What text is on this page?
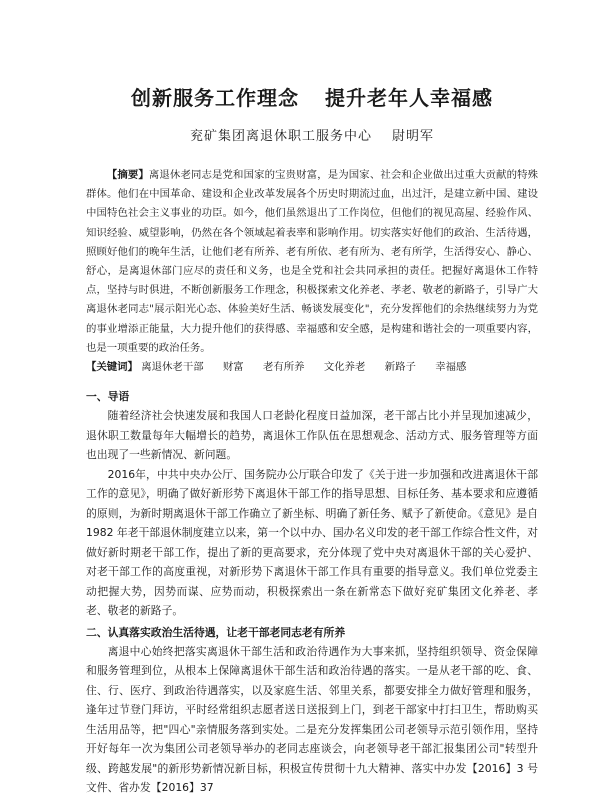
创新服务工作理念 提升老年人幸福感
兖矿集团离退休职工服务中心 尉明军
【摘要】离退休老同志是党和国家的宝贵财富，是为国家、社会和企业做出过重大贡献的特殊群体。他们在中国革命、建设和企业改革发展各个历史时期流过血，出过汗，是建立新中国、建设中国特色社会主义事业的功臣。如今，他们虽然退出了工作岗位，但他们的视见高屋、经验作风、知识经验、威望影响，仍然在各个领域起着表率和影响作用。切实落实好他们的政治、生活待遇，照顾好他们的晚年生活，让他们老有所养、老有所依、老有所为、老有所学，生活得安心、静心、舒心，是离退休部门应尽的责任和义务，也是全党和社会共同承担的责任。把握好离退休工作特点，坚持与时俱进，不断创新服务工作理念，积极探索文化养老、孝老、敬老的新路子，引导广大离退休老同志"展示阳光心态、体验美好生活、畅谈发展变化"，充分发挥他们的余热继续努力为党的事业增添正能量，大力提升他们的获得感、幸福感和安全感，是构建和谐社会的一项重要内容，也是一项重要的政治任务。
【关键词】 离退休老干部 财富 老有所养 文化养老 新路子 幸福感
一、导语

随着经济社会快速发展和我国人口老龄化程度日益加深，老干部占比小并呈现加速减少，退休职工数量每年大幅增长的趋势，离退休工作队伍在思想观念、活动方式、服务管理等方面也出现了一些新情况、新问题。

2016年，中共中央办公厅、国务院办公厅联合印发了《关于进一步加强和改进离退休干部工作的意见》，明确了做好新形势下离退休干部工作的指导思想、目标任务、基本要求和应遵循的原则，为新时期离退休干部工作确立了新坐标、明确了新任务、赋予了新使命。《意见》是自 1982 年老干部退休制度建立以来，第一个以中办、国办名义印发的老干部工作综合性文件，对做好新时期老干部工作，提出了新的更高要求，充分体现了党中央对离退休干部的关心爱护、对老干部工作的高度重视，对新形势下离退休干部工作具有重要的指导意义。我们单位党委主动把握大势，因势而谋、应势而动，积极探索出一条在新常态下做好兖矿集团文化养老、孝老、敬老的新路子。

二、认真落实政治生活待遇，让老干部老同志老有所养

离退中心始终把落实离退休干部生活和政治待遇作为大事来抓，坚持组织领导、资金保障和服务管理到位，从根本上保障离退休干部生活和政治待遇的落实。一是从老干部的吃、食、住、行、医疗、到政治待遇落实，以及家庭生活、邻里关系，都要安排全力做好管理和服务，逢年过节登门拜访，平时经常组织志愿者送日送报到上门，到老干部家中打扫卫生，帮助购买生活用品等，把"四心"亲情服务落到实处。二是充分发挥集团公司老领导示范引领作用，坚持开好每年一次为集团公司老领导举办的老同志座谈会，向老领导老干部汇报集团公司"转型升级、跨越发展"的新形势新情况新目标，积极宣传贯彻十九大精神、落实中办发【2016】3 号文件、省办发【2016】37
